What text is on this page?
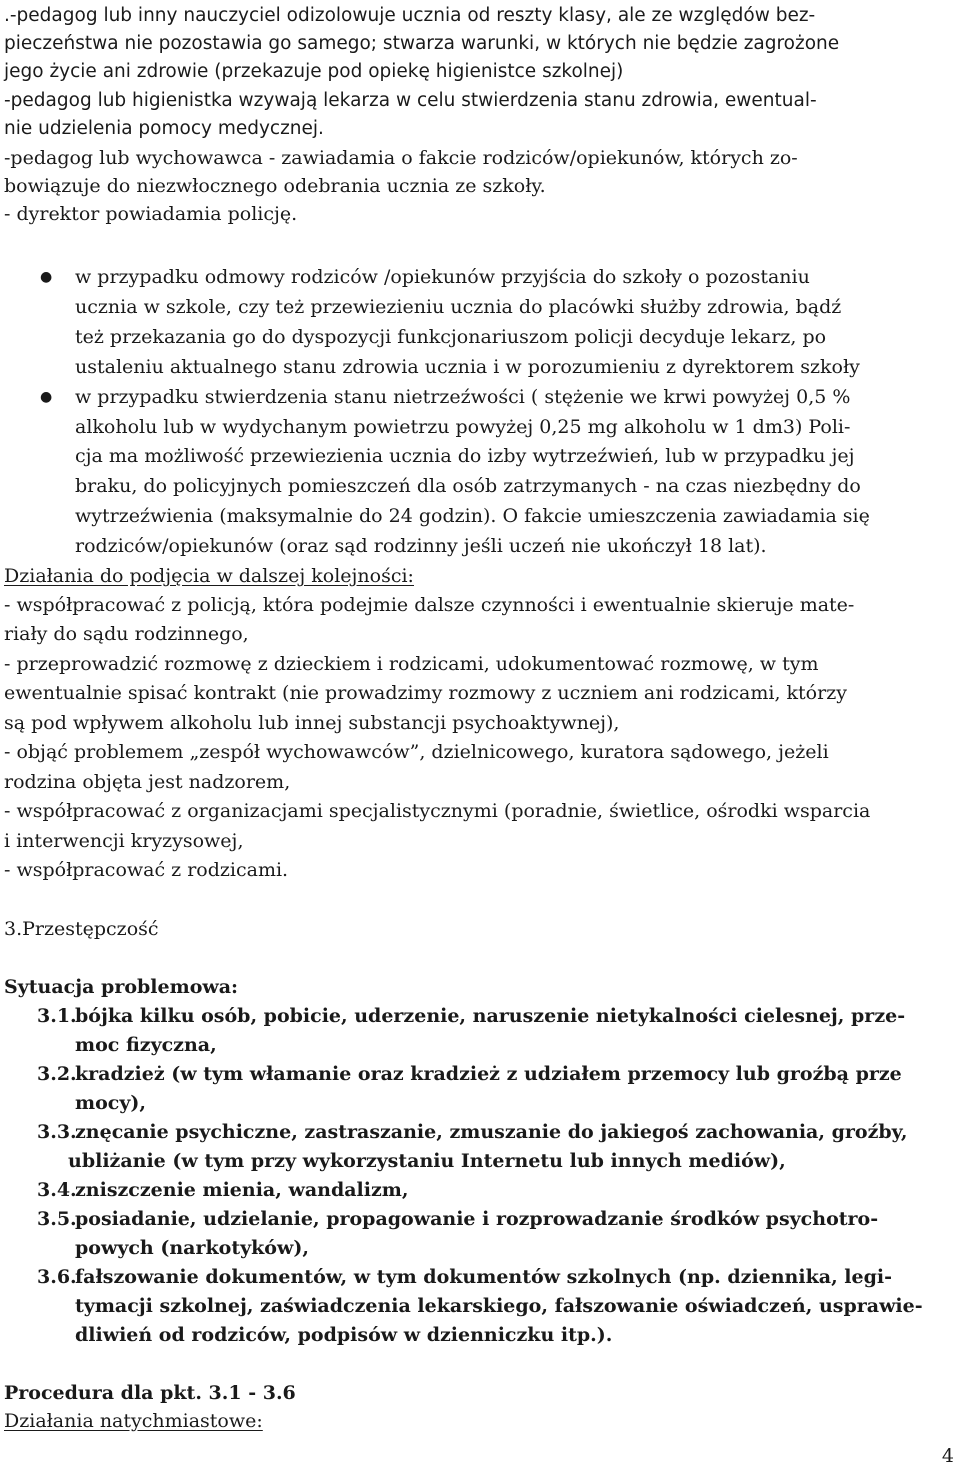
.-pedagog lub inny nauczyciel odizolowuje ucznia od reszty klasy, ale ze względów bez-

pieczeństwa nie pozostawia go samego; stwarza warunki, w których nie będzie zagrożone

jego życie ani zdrowie (przekazuje pod opiekę higienistce szkolnej)

-pedagog lub higienistka wzywają lekarza w celu stwierdzenia stanu zdrowia, ewentual-

nie udzielenia pomocy medycznej.

-pedagog lub wychowawca - zawiadamia o fakcie rodziców/opiekunów, których zo-

bowiązuje do niezwłocznego odebrania ucznia ze szkoły.

- dyrektor powiadamia policję.

● w przypadku odmowy rodziców /opiekunów przyjścia do szkoły o pozostaniu

ucznia w szkole, czy też przewiezieniu ucznia do placówki służby zdrowia, bądź

też przekazania go do dyspozycji funkcjonariuszom policji decyduje lekarz, po

ustaleniu aktualnego stanu zdrowia ucznia i w porozumieniu z dyrektorem szkoły

● w przypadku stwierdzenia stanu nietrzeźwości ( stężenie we krwi powyżej 0,5 %

alkoholu lub w wydychanym powietrzu powyżej 0,25 mg alkoholu w 1 dm3) Poli-

cja ma możliwość przewiezienia ucznia do izby wytrzeźwień, lub w przypadku jej

braku, do policyjnych pomieszczeń dla osób zatrzymanych - na czas niezbędny do

wytrzeźwienia (maksymalnie do 24 godzin). O fakcie umieszczenia zawiadamia się

rodziców/opiekunów (oraz sąd rodzinny jeśli uczeń nie ukończył 18 lat).

Działania do podjęcia w dalszej kolejności:

- współpracować z policją, która podejmie dalsze czynności i ewentualnie skieruje mate-

riały do sądu rodzinnego,

- przeprowadzić rozmowę z dzieckiem i rodzicami, udokumentować rozmowę, w tym

ewentualnie spisać kontrakt (nie prowadzimy rozmowy z uczniem ani rodzicami, którzy

są pod wpływem alkoholu lub innej substancji psychoaktywnej),

- objąć problemem „zespół wychowawców”, dzielnicowego, kuratora sądowego, jeżeli

rodzina objęta jest nadzorem,

- współpracować z organizacjami specjalistycznymi (poradnie, świetlice, ośrodki wsparcia

i interwencji kryzysowej,

- współpracować z rodzicami.

3.Przestępczość

Sytuacja problemowa:

3.1.

bójka kilku osób, pobicie, uderzenie, naruszenie nietykalności cielesnej, prze-

moc fizyczna,

3.2.

kradzież (w tym włamanie oraz kradzież z udziałem przemocy lub groźbą prze

mocy),

3.3.

znęcanie psychiczne, zastraszanie, zmuszanie do jakiegoś zachowania, groźby,

ubliżanie (w tym przy wykorzystaniu Internetu lub innych mediów),

3.4.

zniszczenie mienia, wandalizm,

3.5.

posiadanie, udzielanie, propagowanie i rozprowadzanie środków psychotro-

powych (narkotyków),

3.6.

fałszowanie dokumentów, w tym dokumentów szkolnych (np. dziennika, legi-

tymacji szkolnej, zaświadczenia lekarskiego, fałszowanie oświadczeń, usprawie-

dliwień od rodziców, podpisów w dzienniczku itp.).

Procedura dla pkt. 3.1 - 3.6

Działania natychmiastowe:

4
